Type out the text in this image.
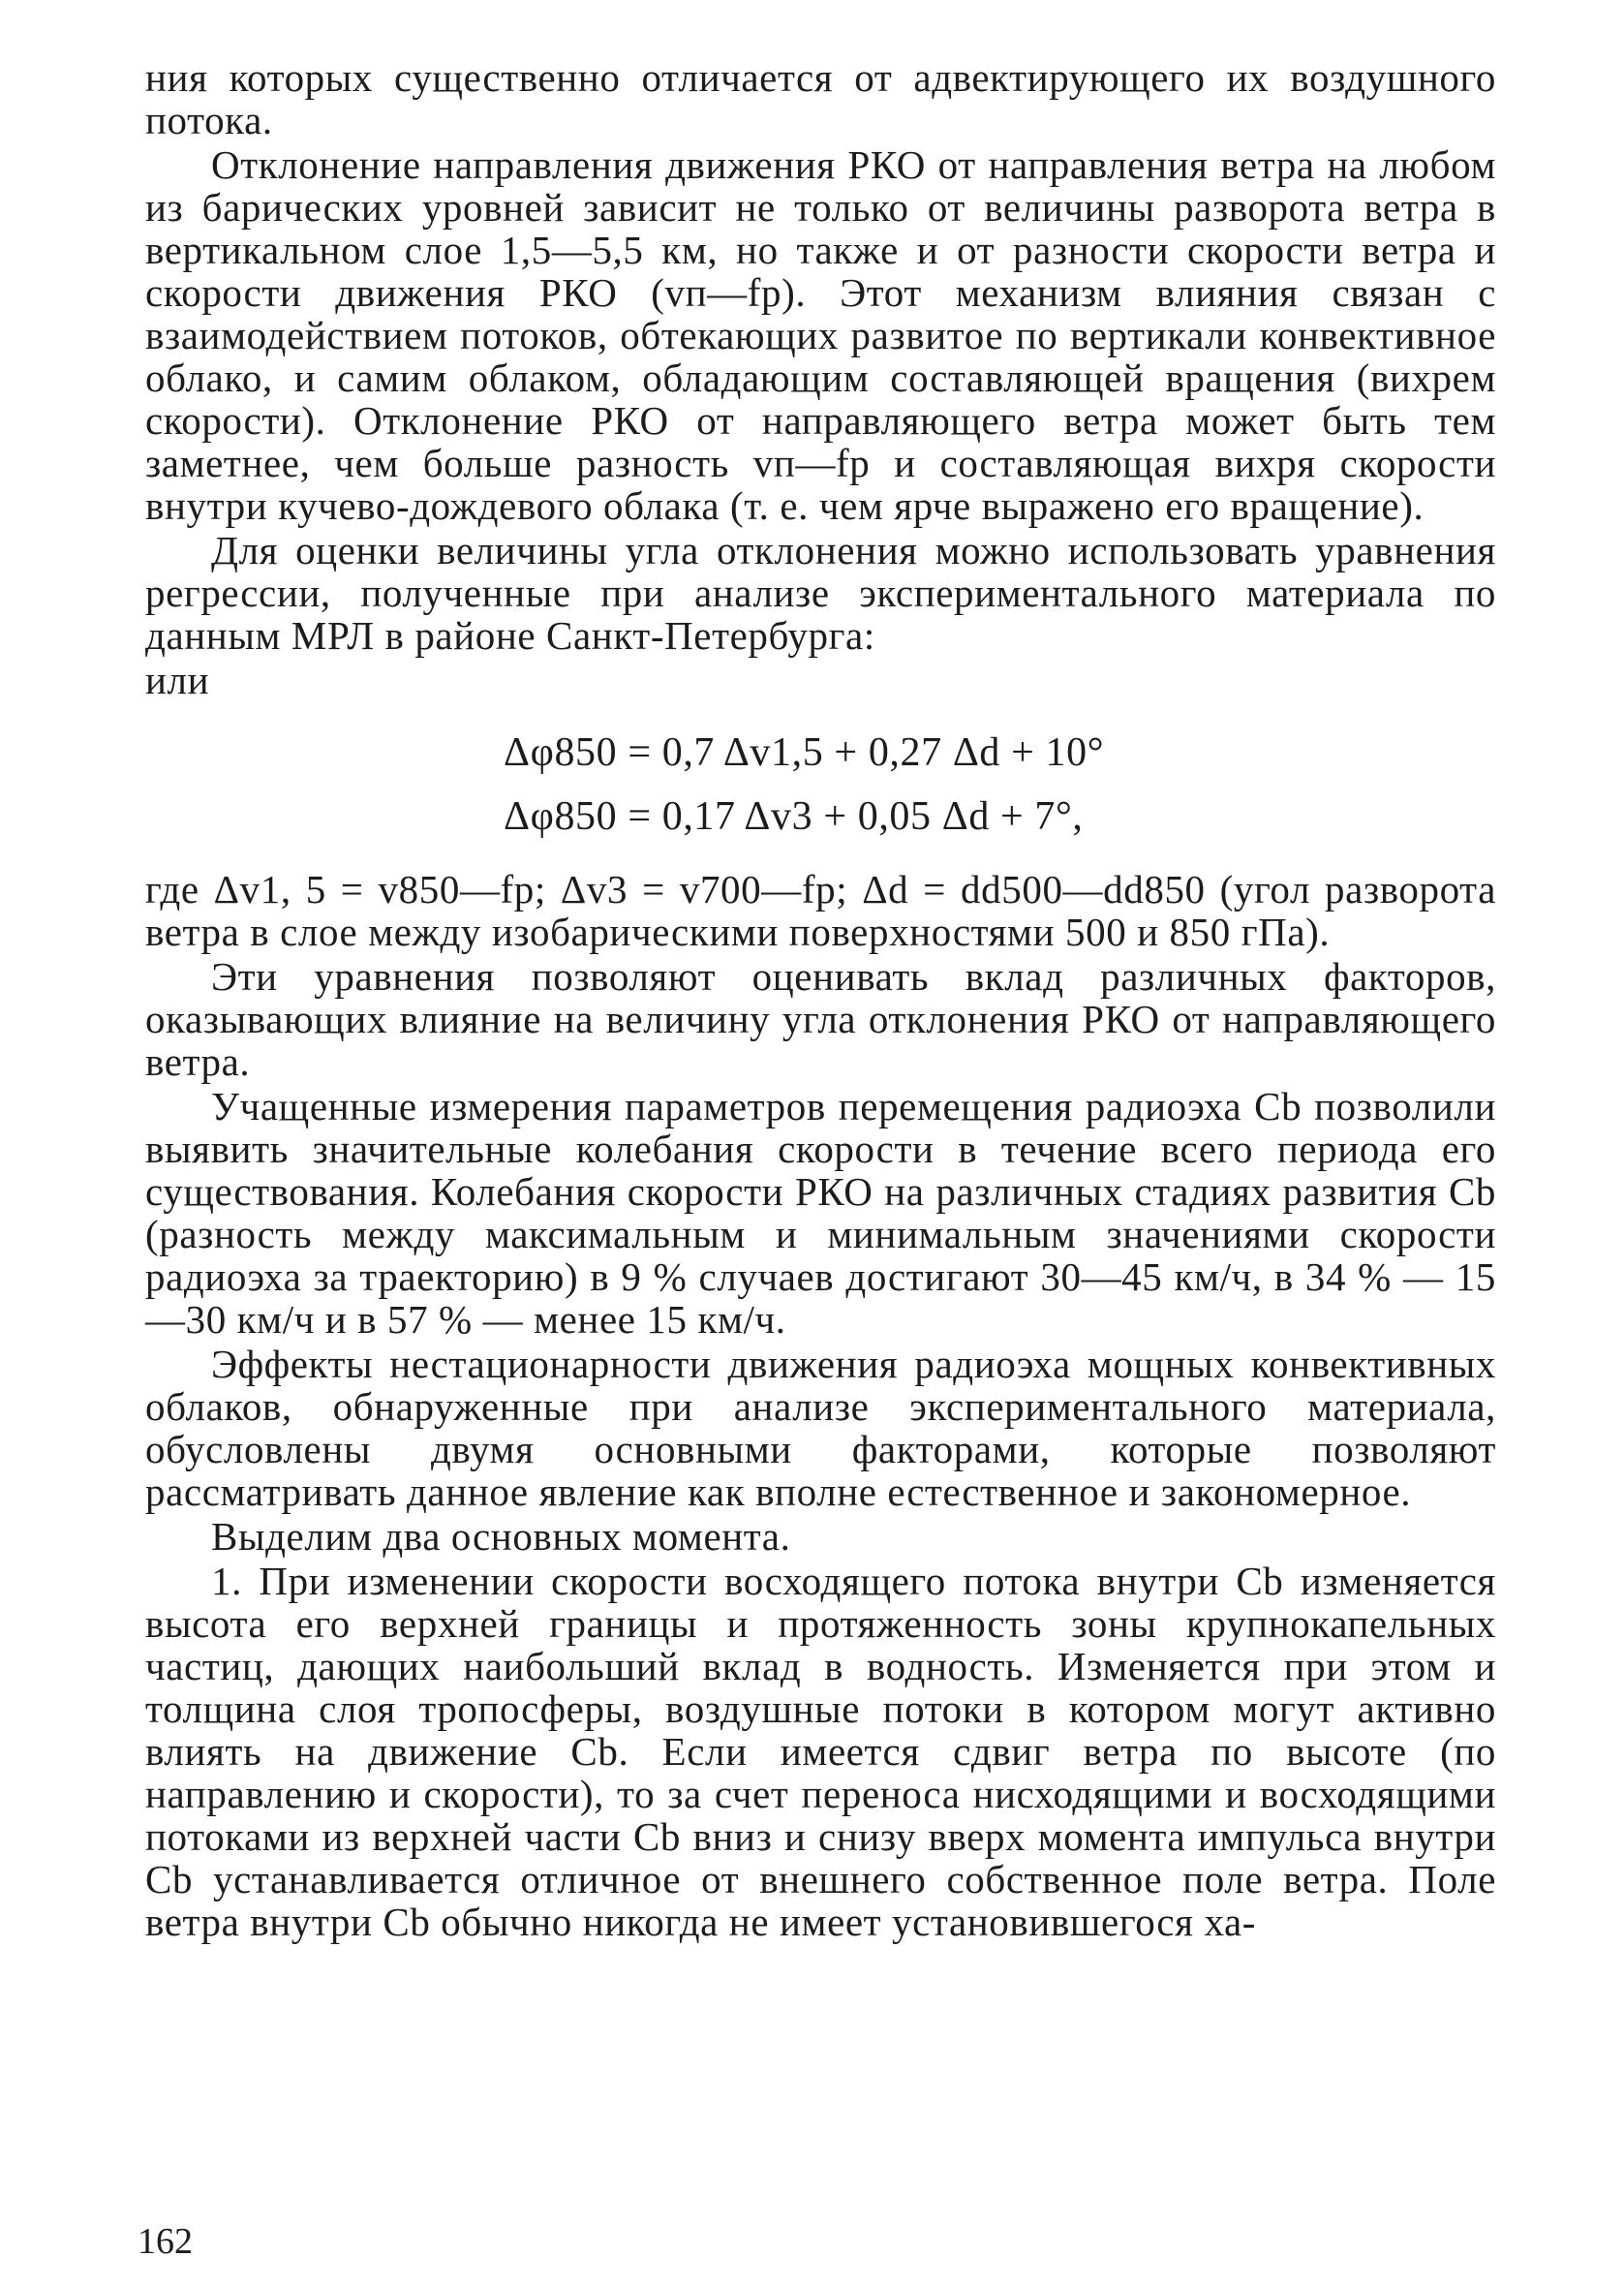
ния которых существенно отличается от адвектирующего их воздушного потока.

Отклонение направления движения РКО от направления ветра на любом из барических уровней зависит не только от величины разворота ветра в вертикальном слое 1,5—5,5 км, но также и от разности скорости ветра и скорости движения РКО (vп—fр). Этот механизм влияния связан с взаимодействием потоков, обтекающих развитое по вертикали конвективное облако, и самим облаком, обладающим составляющей вращения (вихрем скорости). Отклонение РКО от направляющего ветра может быть тем заметнее, чем больше разность vп—fр и составляющая вихря скорости внутри кучево-дождевого облака (т. е. чем ярче выражено его вращение).

Для оценки величины угла отклонения можно использовать уравнения регрессии, полученные при анализе экспериментального материала по данным МРЛ в районе Санкт-Петербурга:

или

Δφ850 = 0,7 Δv1,5 + 0,27 Δd + 10°
Δφ850 = 0,17 Δv3 + 0,05 Δd + 7°,

где Δv1, 5 = v850—fр; Δv3 = v700—fр; Δd = dd500—dd850 (угол разворота ветра в слое между изобарическими поверхностями 500 и 850 гПа).

Эти уравнения позволяют оценивать вклад различных факторов, оказывающих влияние на величину угла отклонения РКО от направляющего ветра.

Учащенные измерения параметров перемещения радиоэха Cb позволили выявить значительные колебания скорости в течение всего периода его существования. Колебания скорости РКО на различных стадиях развития Cb (разность между максимальным и минимальным значениями скорости радиоэха за траекторию) в 9 % случаев достигают 30—45 км/ч, в 34 % — 15—30 км/ч и в 57 % — менее 15 км/ч.

Эффекты нестационарности движения радиоэха мощных конвективных облаков, обнаруженные при анализе экспериментального материала, обусловлены двумя основными факторами, которые позволяют рассматривать данное явление как вполне естественное и закономерное.

Выделим два основных момента.

1. При изменении скорости восходящего потока внутри Cb изменяется высота его верхней границы и протяженность зоны крупнокапельных частиц, дающих наибольший вклад в водность. Изменяется при этом и толщина слоя тропосферы, воздушные потоки в котором могут активно влиять на движение Cb. Если имеется сдвиг ветра по высоте (по направлению и скорости), то за счет переноса нисходящими и восходящими потоками из верхней части Cb вниз и снизу вверх момента импульса внутри Cb устанавливается отличное от внешнего собственное поле ветра. Поле ветра внутри Cb обычно никогда не имеет установившегося ха-

162
